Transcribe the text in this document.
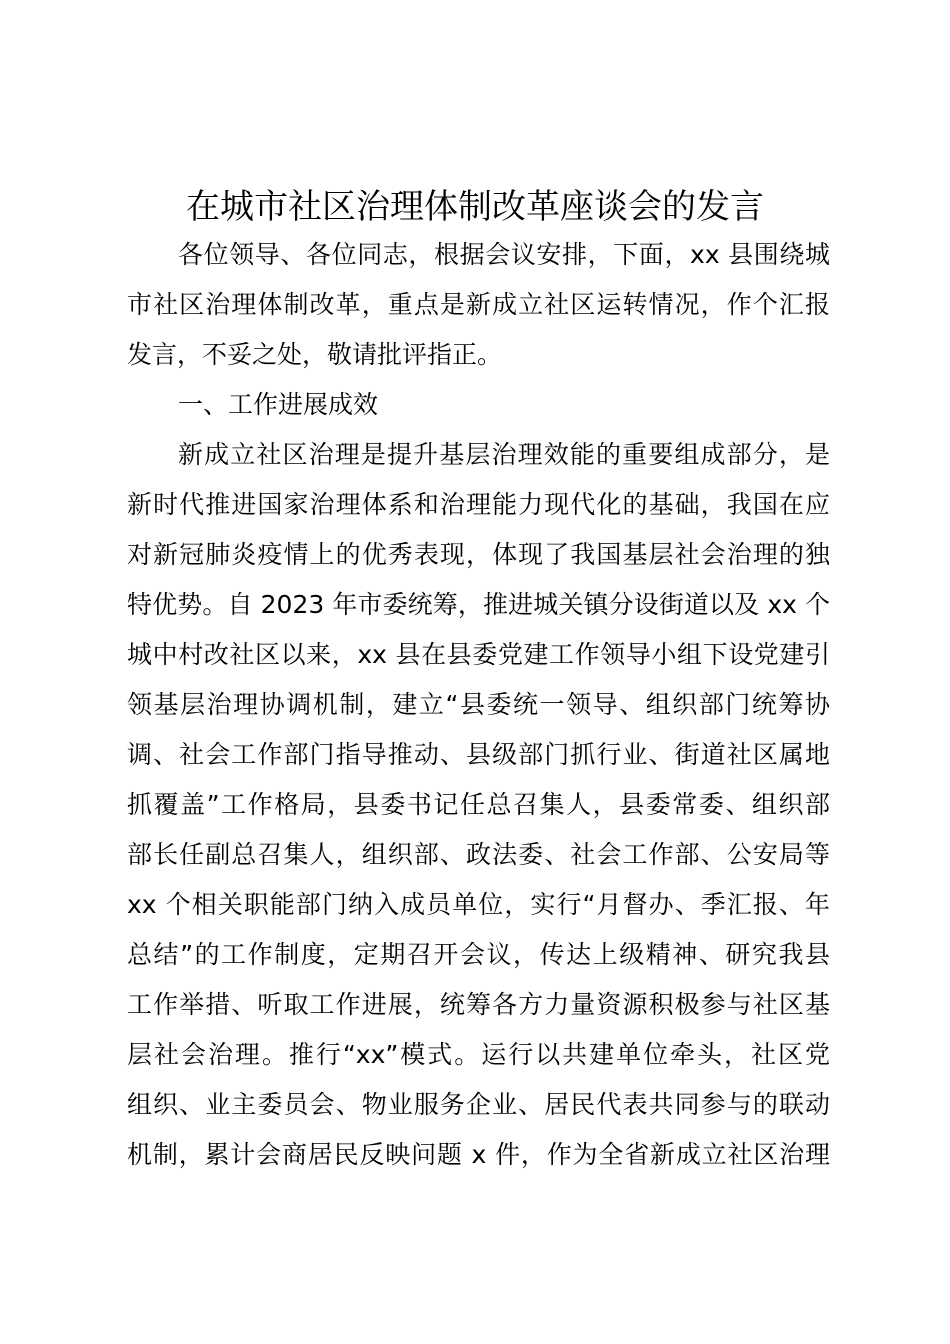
在城市社区治理体制改革座谈会的发言

各位领导、各位同志，根据会议安排，下面，xx 县围绕城

市社区治理体制改革，重点是新成立社区运转情况，作个汇报

发言，不妥之处，敬请批评指正。

一、工作进展成效

新成立社区治理是提升基层治理效能的重要组成部分，是

新时代推进国家治理体系和治理能力现代化的基础，我国在应

对新冠肺炎疫情上的优秀表现，体现了我国基层社会治理的独

特优势。自 2023 年市委统筹，推进城关镇分设街道以及 xx 个

城中村改社区以来，xx 县在县委党建工作领导小组下设党建引

领基层治理协调机制，建立“县委统一领导、组织部门统筹协

调、社会工作部门指导推动、县级部门抓行业、街道社区属地

抓覆盖”工作格局，县委书记任总召集人，县委常委、组织部

部长任副总召集人，组织部、政法委、社会工作部、公安局等

xx 个相关职能部门纳入成员单位，实行“月督办、季汇报、年

总结”的工作制度，定期召开会议，传达上级精神、研究我县

工作举措、听取工作进展，统筹各方力量资源积极参与社区基

层社会治理。推行“xx”模式。运行以共建单位牵头，社区党

组织、业主委员会、物业服务企业、居民代表共同参与的联动

机制，累计会商居民反映问题 x 件，作为全省新成立社区治理
